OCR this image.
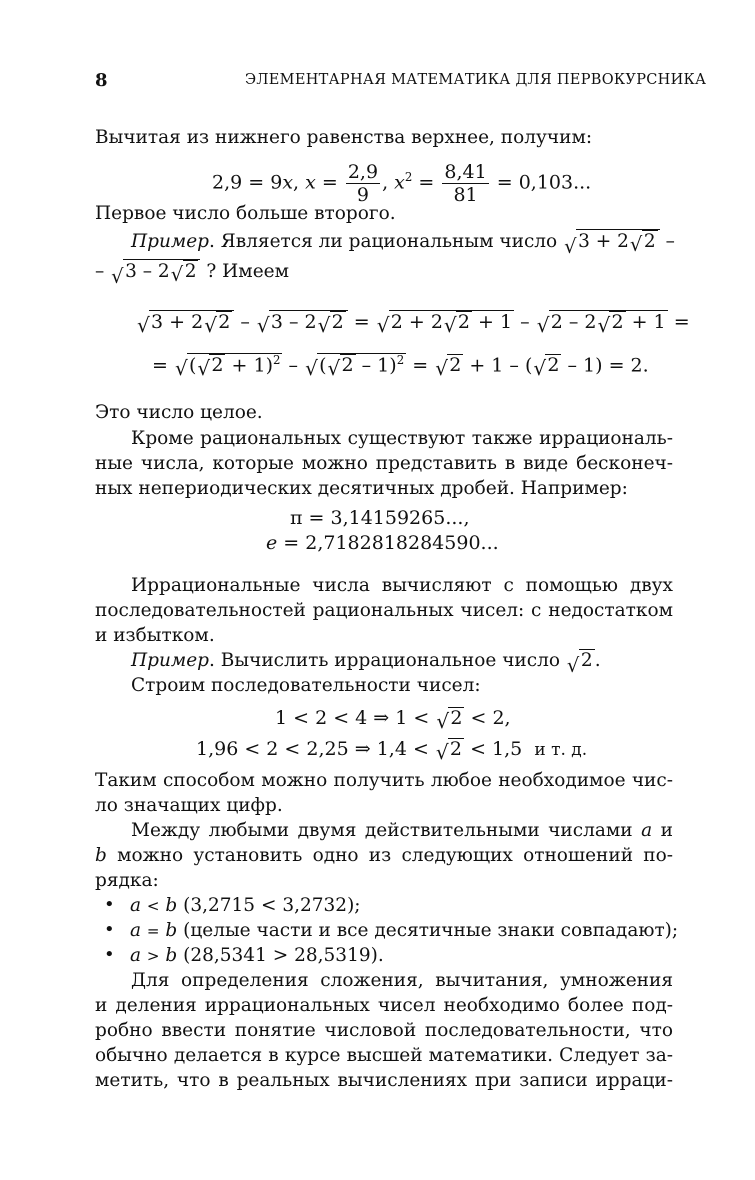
8	ЭЛЕМЕНТАРНАЯ МАТЕМАТИКА ДЛЯ ПЕРВОКУРСНИКА
Вычитая из нижнего равенства верхнее, получим:
2,9 = 9x, $x = \frac{2,9}{9}$ , $x^2 = \frac{8,41}{81} = 0,103$...
Первое число больше второго.
Пример. Является ли рациональным число √ 3 + 2 √ 2 –
– √ 3 – 2 √ 2 ? Имеем
√ 3 + 2 √ 2 – √ 3 – 2 √ 2 = √ 2 + 2 √ 2 + 1 – √ 2 – 2 √ 2 + 1 =
= √ ( √ 2 + 1)$^2$ – √ ( √ 2 – 1)$^2$ = √ 2 + 1 – ( √ 2 – 1) = 2.
Это число целое.
Кроме рациональных существуют также иррациональ-
ные числа, которые можно представить в виде бесконеч-
ных непериодических десятичных дробей. Например:
π = 3,14159265...,
e = 2,7182818284590...
Иррациональные числа вычисляют с помощью двух
последовательностей рациональных чисел: с недостатком
и избытком.
Пример. Вычислить иррациональное число √ 2 .
Строим последовательности чисел:
1 < 2 < 4 ⇒ 1 < √ 2 < 2,
1,96 < 2 < 2,25 ⇒ 1,4 < √ 2 < 1,5 и т. д.
Таким способом можно получить любое необходимое чис-
ло значащих цифр.
Между любыми двумя действительными числами a и
b можно установить одно из следующих отношений по-
рядка:
• a < b (3,2715 < 3,2732);
• a = b (целые части и все десятичные знаки совпадают);
• a > b (28,5341 > 28,5319).
Для определения сложения, вычитания, умножения
и деления иррациональных чисел необходимо более под-
робно ввести понятие числовой последовательности, что
обычно делается в курсе высшей математики. Следует за-
метить, что в реальных вычислениях при записи ирраци-
